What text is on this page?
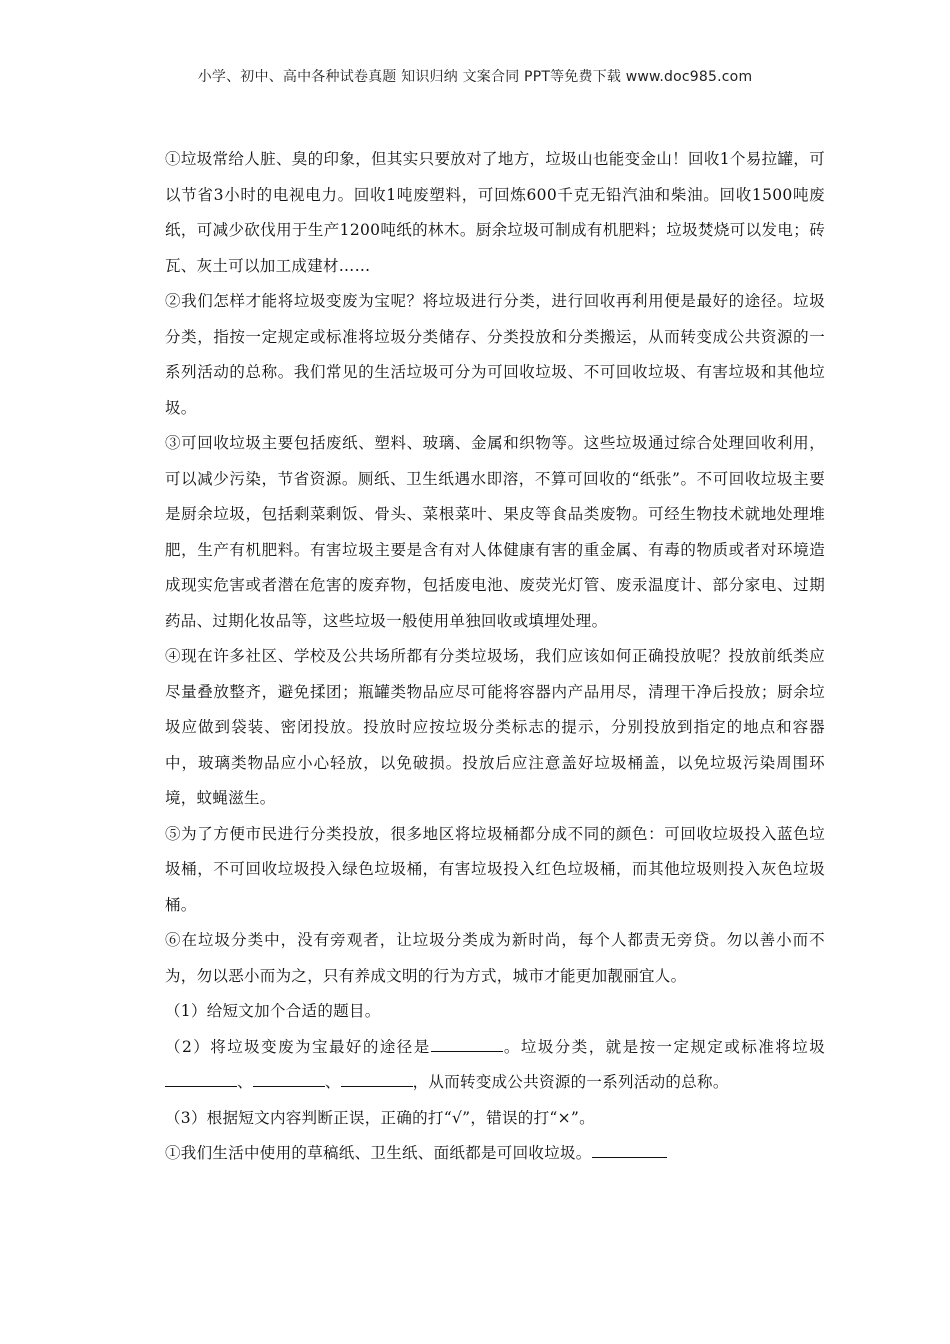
小学、初中、高中各种试卷真题 知识归纳 文案合同 PPT等免费下载 www.doc985.com

①垃圾常给人脏、臭的印象，但其实只要放对了地方，垃圾山也能变金山！回收1个易拉罐，可以节省3小时的电视电力。回收1吨废塑料，可回炼600千克无铅汽油和柴油。回收1500吨废纸，可减少砍伐用于生产1200吨纸的林木。厨余垃圾可制成有机肥料；垃圾焚烧可以发电；砖瓦、灰土可以加工成建材……

②我们怎样才能将垃圾变废为宝呢？将垃圾进行分类，进行回收再利用便是最好的途径。垃圾分类，指按一定规定或标准将垃圾分类储存、分类投放和分类搬运，从而转变成公共资源的一系列活动的总称。我们常见的生活垃圾可分为可回收垃圾、不可回收垃圾、有害垃圾和其他垃圾。

③可回收垃圾主要包括废纸、塑料、玻璃、金属和织物等。这些垃圾通过综合处理回收利用，可以减少污染，节省资源。厕纸、卫生纸遇水即溶，不算可回收的“纸张”。不可回收垃圾主要是厨余垃圾，包括剩菜剩饭、骨头、菜根菜叶、果皮等食品类废物。可经生物技术就地处理堆肥，生产有机肥料。有害垃圾主要是含有对人体健康有害的重金属、有毒的物质或者对环境造成现实危害或者潜在危害的废弃物，包括废电池、废荧光灯管、废汞温度计、部分家电、过期药品、过期化妆品等，这些垃圾一般使用单独回收或填埋处理。

④现在许多社区、学校及公共场所都有分类垃圾场，我们应该如何正确投放呢？投放前纸类应尽量叠放整齐，避免揉团；瓶罐类物品应尽可能将容器内产品用尽，清理干净后投放；厨余垃圾应做到袋装、密闭投放。投放时应按垃圾分类标志的提示，分别投放到指定的地点和容器中，玻璃类物品应小心轻放，以免破损。投放后应注意盖好垃圾桶盖，以免垃圾污染周围环境，蚊蝇滋生。

⑤为了方便市民进行分类投放，很多地区将垃圾桶都分成不同的颜色：可回收垃圾投入蓝色垃圾桶，不可回收垃圾投入绿色垃圾桶，有害垃圾投入红色垃圾桶，而其他垃圾则投入灰色垃圾桶。

⑥在垃圾分类中，没有旁观者，让垃圾分类成为新时尚，每个人都责无旁贷。勿以善小而不为，勿以恶小而为之，只有养成文明的行为方式，城市才能更加靓丽宜人。

（1）给短文加个合适的题目。

（2）将垃圾变废为宝最好的途径是	。垃圾分类，就是按一定规定或标准将垃圾、	、	，从而转变成公共资源的一系列活动的总称。

（3）根据短文内容判断正误，正确的打“√”，错误的打“×”。

①我们生活中使用的草稿纸、卫生纸、面纸都是可回收垃圾。
